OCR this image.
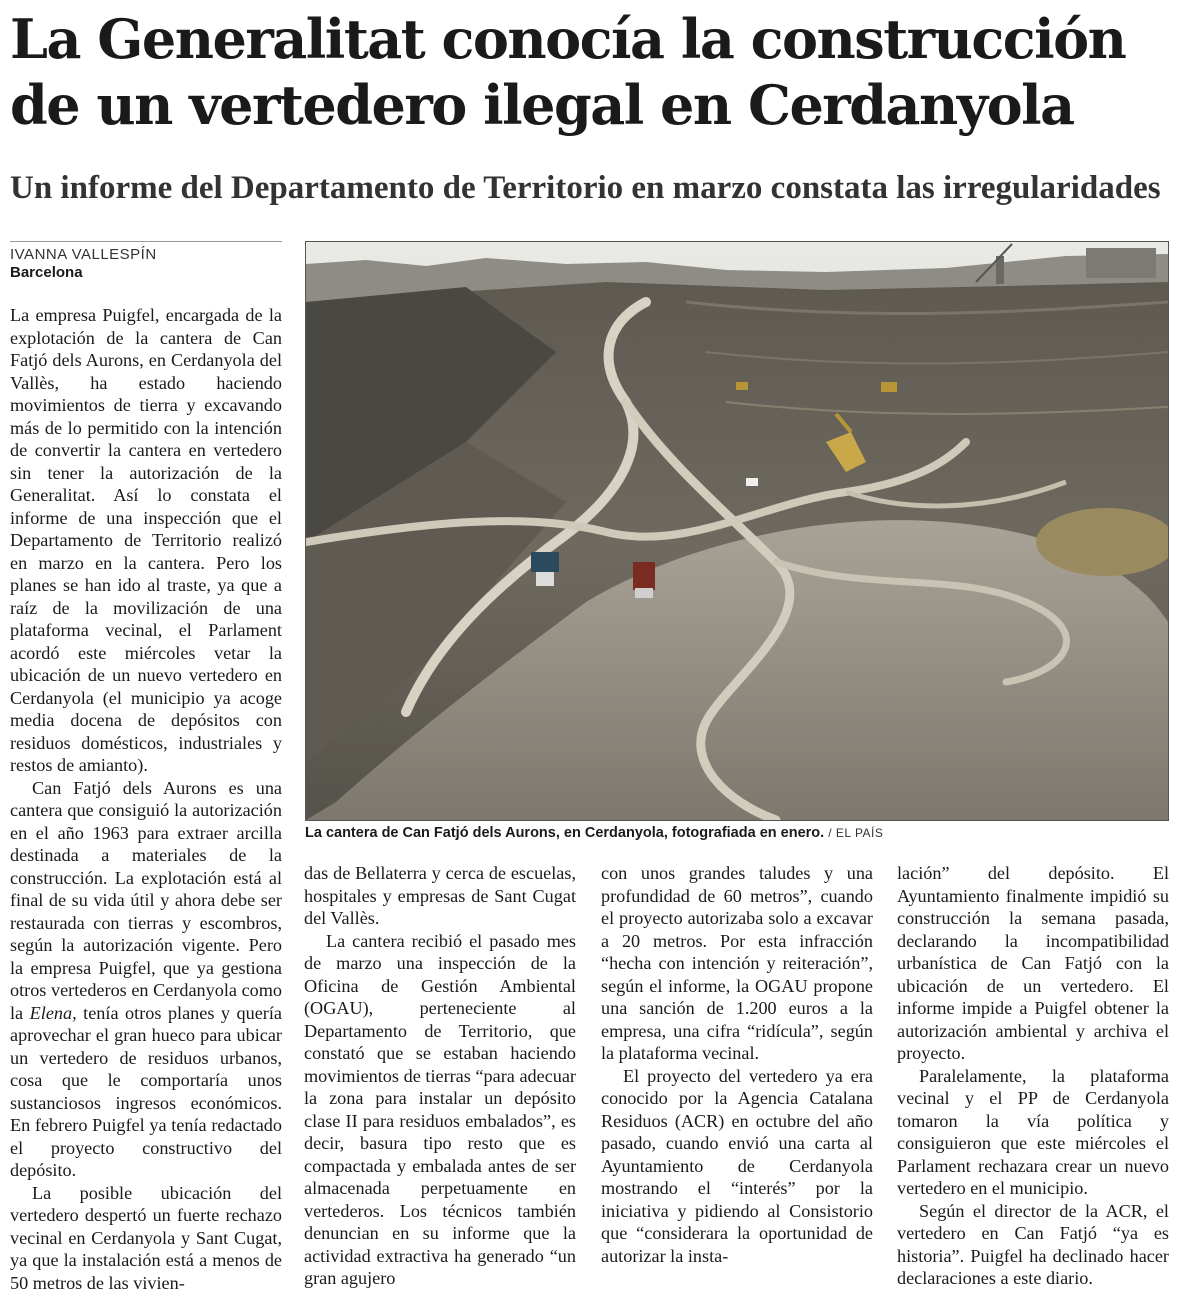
La Generalitat conocía la construcción
de un vertedero ilegal en Cerdanyola
Un informe del Departamento de Territorio en marzo constata las irregularidades
IVANNA VALLESPÍN
Barcelona

La empresa Puigfel, encargada de la explotación de la cantera de Can Fatjó dels Aurons, en Cerdanyola del Vallès, ha estado haciendo movimientos de tierra y excavando más de lo permitido con la intención de convertir la cantera en vertedero sin tener la autorización de la Generalitat. Así lo constata el informe de una inspección que el Departamento de Territorio realizó en marzo en la cantera. Pero los planes se han ido al traste, ya que a raíz de la movilización de una plataforma vecinal, el Parlament acordó este miércoles vetar la ubicación de un nuevo vertedero en Cerdanyola (el municipio ya acoge media docena de depósitos con residuos domésticos, industriales y restos de amianto).

Can Fatjó dels Aurons es una cantera que consiguió la autorización en el año 1963 para extraer arcilla destinada a materiales de la construcción. La explotación está al final de su vida útil y ahora debe ser restaurada con tierras y escombros, según la autorización vigente. Pero la empresa Puigfel, que ya gestiona otros vertederos en Cerdanyola como la Elena, tenía otros planes y quería aprovechar el gran hueco para ubicar un vertedero de residuos urbanos, cosa que le comportaría unos sustanciosos ingresos económicos. En febrero Puigfel ya tenía redactado el proyecto constructivo del depósito.

La posible ubicación del vertedero despertó un fuerte rechazo vecinal en Cerdanyola y Sant Cugat, ya que la instalación está a menos de 50 metros de las vivien-

La cantera de Can Fatjó dels Aurons, en Cerdanyola, fotografiada en enero. / EL PAÍS

das de Bellaterra y cerca de escuelas, hospitales y empresas de Sant Cugat del Vallès.

La cantera recibió el pasado mes de marzo una inspección de la Oficina de Gestión Ambiental (OGAU), perteneciente al Departamento de Territorio, que constató que se estaban haciendo movimientos de tierras “para adecuar la zona para instalar un depósito clase II para residuos embalados”, es decir, basura tipo resto que es compactada y embalada antes de ser almacenada perpetuamente en vertederos. Los técnicos también denuncian en su informe que la actividad extractiva ha generado “un gran agujero

con unos grandes taludes y una profundidad de 60 metros”, cuando el proyecto autorizaba solo a excavar a 20 metros. Por esta infracción “hecha con intención y reiteración”, según el informe, la OGAU propone una sanción de 1.200 euros a la empresa, una cifra “ridícula”, según la plataforma vecinal.

El proyecto del vertedero ya era conocido por la Agencia Catalana Residuos (ACR) en octubre del año pasado, cuando envió una carta al Ayuntamiento de Cerdanyola mostrando el “interés” por la iniciativa y pidiendo al Consistorio que “considerara la oportunidad de autorizar la insta-

lación” del depósito. El Ayuntamiento finalmente impidió su construcción la semana pasada, declarando la incompatibilidad urbanística de Can Fatjó con la ubicación de un vertedero. El informe impide a Puigfel obtener la autorización ambiental y archiva el proyecto.

Paralelamente, la plataforma vecinal y el PP de Cerdanyola tomaron la vía política y consiguieron que este miércoles el Parlament rechazara crear un nuevo vertedero en el municipio.

Según el director de la ACR, el vertedero en Can Fatjó “ya es historia”. Puigfel ha declinado hacer declaraciones a este diario.
